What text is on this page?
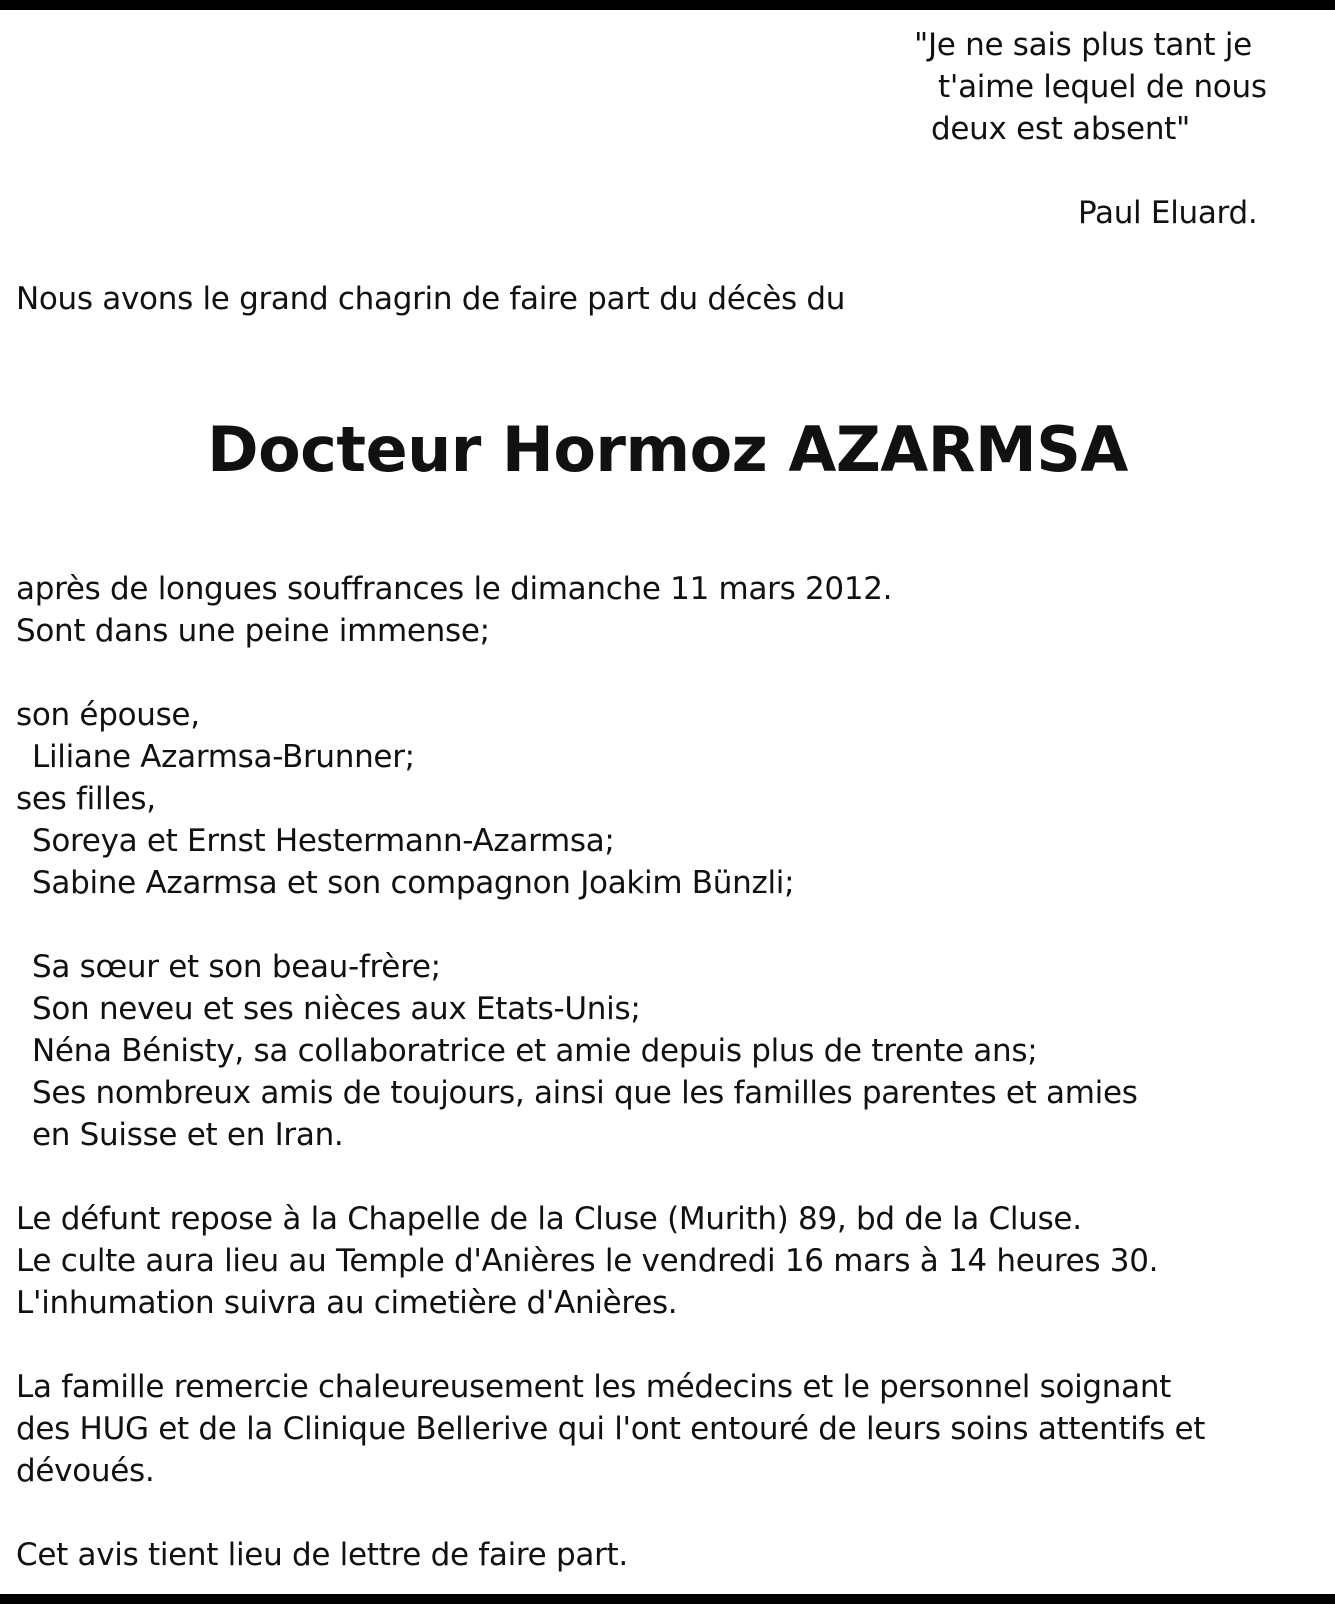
"Je ne sais plus tant je
t'aime lequel de nous
deux est absent"
Paul Eluard.
Nous avons le grand chagrin de faire part du décès du
Docteur Hormoz AZARMSA
après de longues souffrances le dimanche 11 mars 2012.
Sont dans une peine immense;
son épouse,
Liliane Azarmsa-Brunner;
ses filles,
Soreya et Ernst Hestermann-Azarmsa;
Sabine Azarmsa et son compagnon Joakim Bünzli;
Sa sœur et son beau-frère;
Son neveu et ses nièces aux Etats-Unis;
Néna Bénisty, sa collaboratrice et amie depuis plus de trente ans;
Ses nombreux amis de toujours, ainsi que les familles parentes et amies
en Suisse et en Iran.
Le défunt repose à la Chapelle de la Cluse (Murith) 89, bd de la Cluse.
Le culte aura lieu au Temple d'Anières le vendredi 16 mars à 14 heures 30.
L'inhumation suivra au cimetière d'Anières.
La famille remercie chaleureusement les médecins et le personnel soignant
des HUG et de la Clinique Bellerive qui l'ont entouré de leurs soins attentifs et
dévoués.
Cet avis tient lieu de lettre de faire part.
